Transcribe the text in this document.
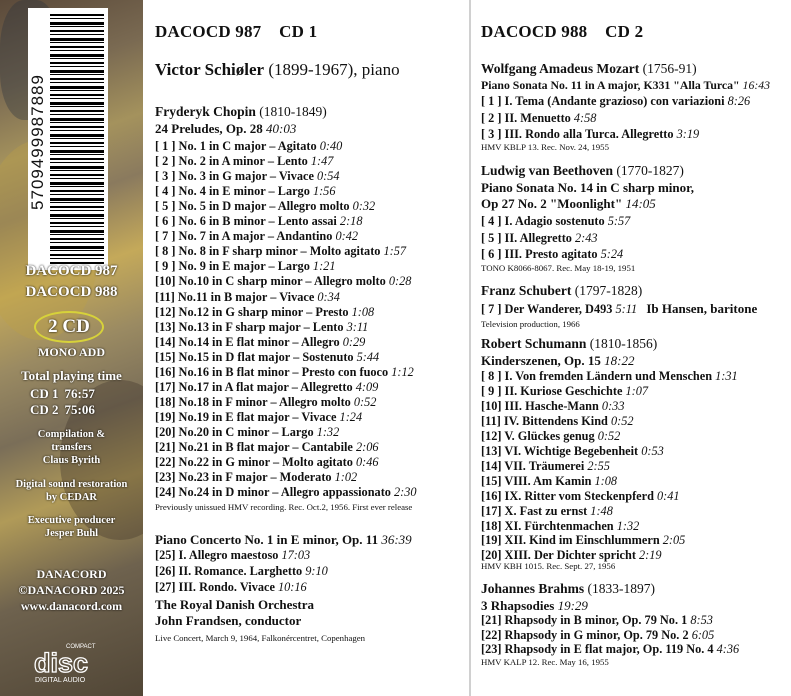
5709499987889
DACOCD 987
DACOCD 988
2 CD
MONO ADD
Total playing time
CD 1	76:57
CD 2	75:06
Compilation &
transfers
Claus Byrith
Digital sound restoration
by CEDAR
Executive producer
Jesper Buhl
DANACORD
©DANACORD 2025
www.danacord.com
COMPACT
disc
DIGITAL AUDIO
DACOCD 987 CD 1
Victor Schiøler (1899-1967), piano
Fryderyk Chopin (1810-1849)
24 Preludes, Op. 28 40:03
[ 1 ] No. 1 in C major – Agitato 0:40
[ 2 ] No. 2 in A minor – Lento 1:47
[ 3 ] No. 3 in G major – Vivace 0:54
[ 4 ] No. 4 in E minor – Largo 1:56
[ 5 ] No. 5 in D major – Allegro molto 0:32
[ 6 ] No. 6 in B minor – Lento assai 2:18
[ 7 ] No. 7 in A major – Andantino 0:42
[ 8 ] No. 8 in F sharp minor – Molto agitato 1:57
[ 9 ] No. 9 in E major – Largo 1:21
[10] No.10 in C sharp minor – Allegro molto 0:28
[11] No.11 in B major – Vivace 0:34
[12] No.12 in G sharp minor – Presto 1:08
[13] No.13 in F sharp major – Lento 3:11
[14] No.14 in E flat minor – Allegro 0:29
[15] No.15 in D flat major – Sostenuto 5:44
[16] No.16 in B flat minor – Presto con fuoco 1:12
[17] No.17 in A flat major – Allegretto 4:09
[18] No.18 in F minor – Allegro molto 0:52
[19] No.19 in E flat major – Vivace 1:24
[20] No.20 in C minor – Largo 1:32
[21] No.21 in B flat major – Cantabile 2:06
[22] No.22 in G minor – Molto agitato 0:46
[23] No.23 in F major – Moderato 1:02
[24] No.24 in D minor – Allegro appassionato 2:30
Previously unissued HMV recording. Rec. Oct.2, 1956. First ever release
Piano Concerto No. 1 in E minor, Op. 11 36:39
[25] I. Allegro maestoso 17:03
[26] II. Romance. Larghetto 9:10
[27] III. Rondo. Vivace 10:16
The Royal Danish Orchestra
John Frandsen, conductor
Live Concert, March 9, 1964, Falkonércentret, Copenhagen
DACOCD 988 CD 2
Wolfgang Amadeus Mozart (1756-91)
Piano Sonata No. 11 in A major, K331 "Alla Turca" 16:43
[ 1 ] I. Tema (Andante grazioso) con variazioni 8:26
[ 2 ] II. Menuetto 4:58
[ 3 ] III. Rondo alla Turca. Allegretto 3:19
HMV KBLP 13. Rec. Nov. 24, 1955
Ludwig van Beethoven (1770-1827)
Piano Sonata No. 14 in C sharp minor,
Op 27 No. 2 "Moonlight" 14:05
[ 4 ] I. Adagio sostenuto 5:57
[ 5 ] II. Allegretto 2:43
[ 6 ] III. Presto agitato 5:24
TONO K8066-8067. Rec. May 18-19, 1951
Franz Schubert (1797-1828)
[ 7 ] Der Wanderer, D493 5:11 Ib Hansen, baritone
Television production, 1966
Robert Schumann (1810-1856)
Kinderszenen, Op. 15 18:22
[ 8 ] I. Von fremden Ländern und Menschen 1:31
[ 9 ] II. Kuriose Geschichte 1:07
[10] III. Hasche-Mann 0:33
[11] IV. Bittendens Kind 0:52
[12] V. Glückes genug 0:52
[13] VI. Wichtige Begebenheit 0:53
[14] VII. Träumerei 2:55
[15] VIII. Am Kamin 1:08
[16] IX. Ritter vom Steckenpferd 0:41
[17] X. Fast zu ernst 1:48
[18] XI. Fürchtenmachen 1:32
[19] XII. Kind im Einschlummern 2:05
[20] XIII. Der Dichter spricht 2:19
HMV KBH 1015. Rec. Sept. 27, 1956
Johannes Brahms (1833-1897)
3 Rhapsodies 19:29
[21] Rhapsody in B minor, Op. 79 No. 1 8:53
[22] Rhapsody in G minor, Op. 79 No. 2 6:05
[23] Rhapsody in E flat major, Op. 119 No. 4 4:36
HMV KALP 12. Rec. May 16, 1955
